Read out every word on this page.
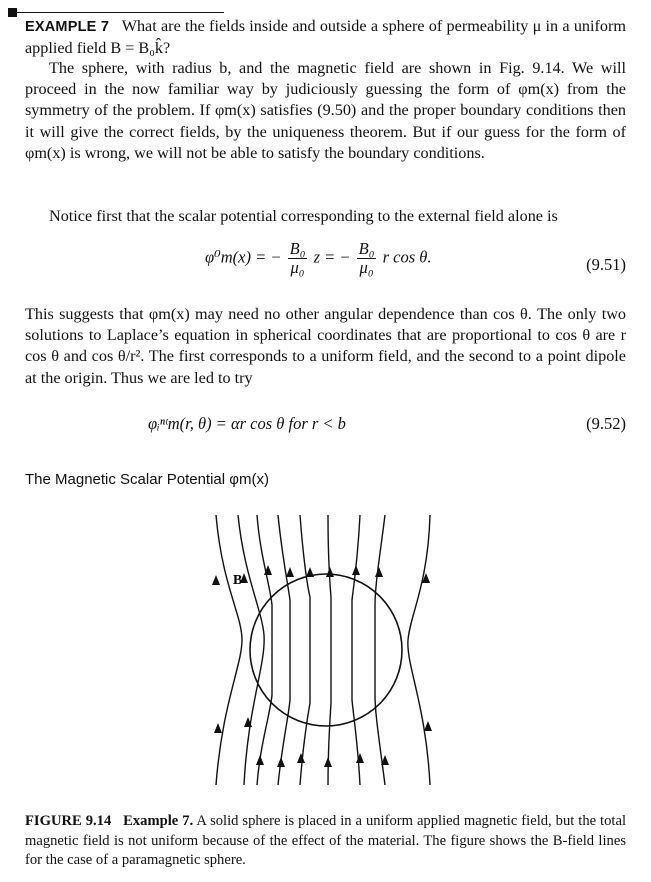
EXAMPLE 7 What are the fields inside and outside a sphere of permeability μ in a uniform applied field B = B₀k̂?
The sphere, with radius b, and the magnetic field are shown in Fig. 9.14. We will proceed in the now familiar way by judiciously guessing the form of φm(x) from the symmetry of the problem. If φm(x) satisfies (9.50) and the proper boundary conditions then it will give the correct fields, by the uniqueness theorem. But if our guess for the form of φm(x) is wrong, we will not be able to satisfy the boundary conditions.
Notice first that the scalar potential corresponding to the external field alone is
φ⁰m(x) = − $\frac{\text{B₀}}{\text{μ₀}}$ z = − $\frac{\text{B₀}}{\text{μ₀}}$ r cos θ.	(9.51)
This suggests that φm(x) may need no other angular dependence than cos θ. The only two solutions to Laplace’s equation in spherical coordinates that are proportional to cos θ are r cos θ and cos θ/r². The first corresponds to a uniform field, and the second to a point dipole at the origin. Thus we are led to try
φᵢⁿᵗm(r, θ) = αr cos θ for r < b	(9.52)
The Magnetic Scalar Potential φm(x)
B
FIGURE 9.14 Example 7. A solid sphere is placed in a uniform applied magnetic field, but the total magnetic field is not uniform because of the effect of the material. The figure shows the B-field lines for the case of a paramagnetic sphere.
